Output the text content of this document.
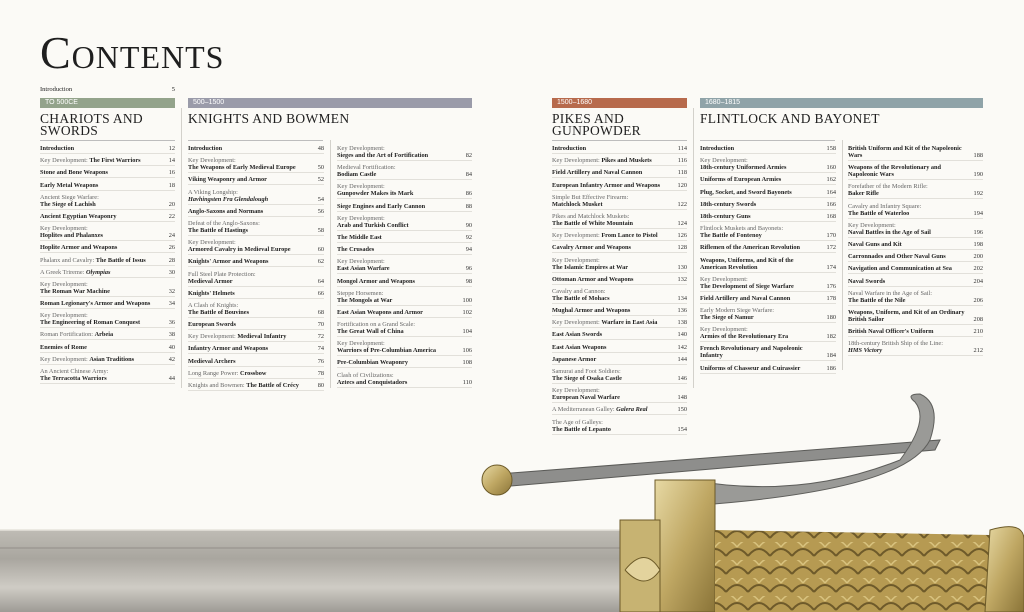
Contents
Introduction	5
TO 500CE
CHARIOTS AND SWORDS
Introduction	12
Key Development: The First Warriors	14
Stone and Bone Weapons	16
Early Metal Weapons	18
Ancient Siege Warfare:
The Siege of Lachish	20
Ancient Egyptian Weaponry	22
Key Development:
Hoplites and Phalanxes	24
Hoplite Armor and Weapons	26
Phalanx and Cavalry: The Battle of Issus	28
A Greek Trireme: Olympias	30
Key Development:
The Roman War Machine	32
Roman Legionary's Armor and Weapons	34
Key Development:
The Engineering of Roman Conquest	36
Roman Fortification: Arbeia	38
Enemies of Rome	40
Key Development: Asian Traditions	42
An Ancient Chinese Army:
The Terracotta Warriors	44
500–1500
KNIGHTS AND BOWMEN
Introduction	48
Key Development:
The Weapons of Early Medieval Europe	50
Viking Weaponry and Armor	52
A Viking Longship:
Havhingsten Fra Glendalough	54
Anglo-Saxons and Normans	56
Defeat of the Anglo-Saxons:
The Battle of Hastings	58
Key Development:
Armored Cavalry in Medieval Europe	60
Knights' Armor and Weapons	62
Full Steel Plate Protection:
Medieval Armor	64
Knights' Helmets	66
A Clash of Knights:
The Battle of Bouvines	68
European Swords	70
Key Development: Medieval Infantry	72
Infantry Armor and Weapons	74
Medieval Archers	76
Long Range Power: Crossbow	78
Knights and Bowmen: The Battle of Crécy	80
Key Development:
Sieges and the Art of Fortification	82
Medieval Fortification:
Bodiam Castle	84
Key Development:
Gunpowder Makes its Mark	86
Siege Engines and Early Cannon	88
Key Development:
Arab and Turkish Conflict	90
The Middle East	92
The Crusades	94
Key Development:
East Asian Warfare	96
Mongol Armor and Weapons	98
Steppe Horsemen:
The Mongols at War	100
East Asian Weapons and Armor	102
Fortification on a Grand Scale:
The Great Wall of China	104
Key Development:
Warriors of Pre-Columbian America	106
Pre-Columbian Weaponry	108
Clash of Civilizations:
Aztecs and Conquistadors	110
1500–1680
PIKES AND GUNPOWDER
Introduction	114
Key Development: Pikes and Muskets	116
Field Artillery and Naval Cannon	118
European Infantry Armor and Weapons	120
Simple But Effective Firearm:
Matchlock Musket	122
Pikes and Matchlock Muskets:
The Battle of White Mountain	124
Key Development: From Lance to Pistol	126
Cavalry Armor and Weapons	128
Key Development:
The Islamic Empires at War	130
Ottoman Armor and Weapons	132
Cavalry and Cannon:
The Battle of Mohacs	134
Mughal Armor and Weapons	136
Key Development: Warfare in East Asia	138
East Asian Swords	140
East Asian Weapons	142
Japanese Armor	144
Samurai and Foot Soldiers:
The Siege of Osaka Castle	146
Key Development:
European Naval Warfare	148
A Mediterranean Galley: Galera Real	150
The Age of Galleys:
The Battle of Lepanto	154
1680–1815
FLINTLOCK AND BAYONET
Introduction	158
Key Development:
18th-century Uniformed Armies	160
Uniforms of European Armies	162
Plug, Socket, and Sword Bayonets	164
18th-century Swords	166
18th-century Guns	168
Flintlock Muskets and Bayonets:
The Battle of Fontenoy	170
Riflemen of the American Revolution	172
Weapons, Uniforms, and Kit of the American Revolution	174
Key Development:
The Development of Siege Warfare	176
Field Artillery and Naval Cannon	178
Early Modern Siege Warfare:
The Siege of Namur	180
Key Development:
Armies of the Revolutionary Era	182
French Revolutionary and Napoleonic Infantry	184
Uniforms of Chasseur and Cuirassier	186
British Uniform and Kit of the Napoleonic Wars	188
Weapons of the Revolutionary and Napoleonic Wars	190
Forefather of the Modern Rifle:
Baker Rifle	192
Cavalry and Infantry Square:
The Battle of Waterloo	194
Key Development:
Naval Battles in the Age of Sail	196
Naval Guns and Kit	198
Carronnades and Other Naval Guns	200
Navigation and Communication at Sea	202
Naval Swords	204
Naval Warfare in the Age of Sail:
The Battle of the Nile	206
Weapons, Uniform, and Kit of an Ordinary British Sailor	208
British Naval Officer's Uniform	210
18th-century British Ship of the Line:
HMS Victory	212
